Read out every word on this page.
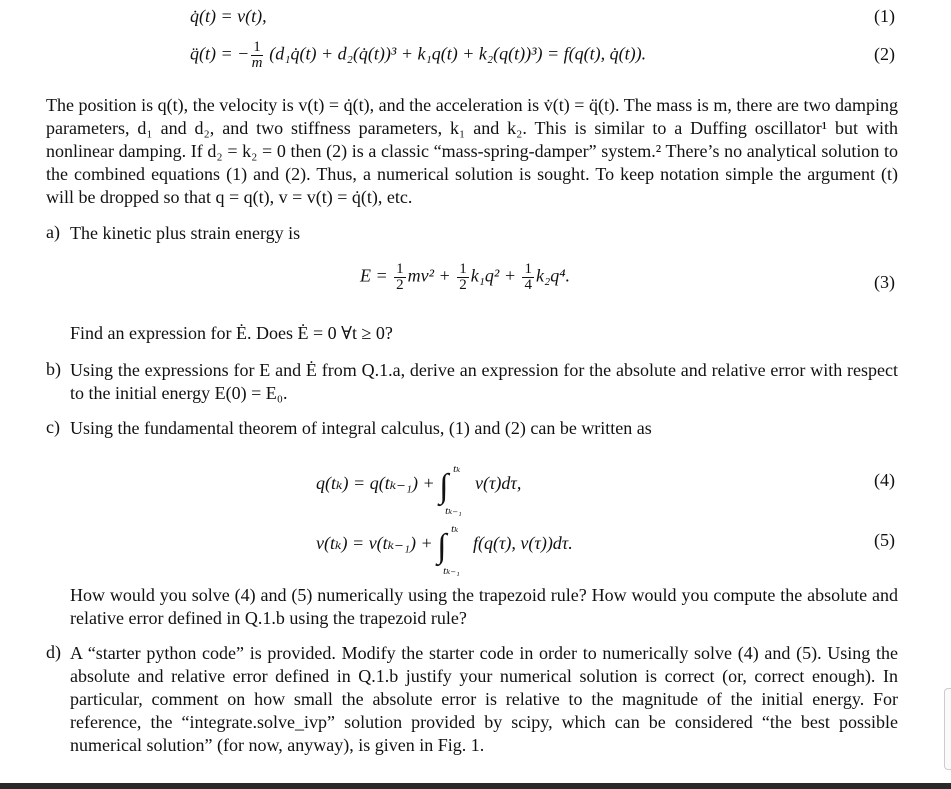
q̇(t) = v(t),	(1)
q̈(t) = − $\frac{1}{m}$ (d₁q̇(t) + d₂(q̇(t))³ + k₁q(t) + k₂(q(t))³) = f(q(t), q̇(t)).	(2)
The position is q(t), the velocity is v(t) = q̇(t), and the acceleration is v̇(t) = q̈(t). The mass is m, there are two damping parameters, d₁ and d₂, and two stiffness parameters, k₁ and k₂. This is similar to a Duffing oscillator¹ but with nonlinear damping. If d₂ = k₂ = 0 then (2) is a classic “mass-spring-damper” system.² There’s no analytical solution to the combined equations (1) and (2). Thus, a numerical solution is sought. To keep notation simple the argument (t) will be dropped so that q = q(t), v = v(t) = q̇(t), etc.
a) The kinetic plus strain energy is
$E = \frac{1}{2} mv^2 + \frac{1}{2} k_1q^2 + \frac{1}{4} k_2q^4$.	(3)
Find an expression for Ė. Does Ė = 0 ∀t ≥ 0?
b) Using the expressions for E and Ė from Q.1.a, derive an expression for the absolute and relative error with respect to the initial energy E(0) = E₀.
c) Using the fundamental theorem of integral calculus, (1) and (2) can be written as
q(tₖ) = q(tₖ₋₁) + ∫ tₖ
tₖ₋₁
v(τ)dτ,	(4)
v(tₖ) = v(tₖ₋₁) + ∫ tₖ
tₖ₋₁
f(q(τ), v(τ))dτ.	(5)
How would you solve (4) and (5) numerically using the trapezoid rule? How would you compute the absolute and relative error defined in Q.1.b using the trapezoid rule?
d) A “starter python code” is provided. Modify the starter code in order to numerically solve (4) and (5). Using the absolute and relative error defined in Q.1.b justify your numerical solution is correct (or, correct enough). In particular, comment on how small the absolute error is relative to the magnitude of the initial energy. For reference, the “integrate.solve_ivp” solution provided by scipy, which can be considered “the best possible numerical solution” (for now, anyway), is given in Fig. 1.
